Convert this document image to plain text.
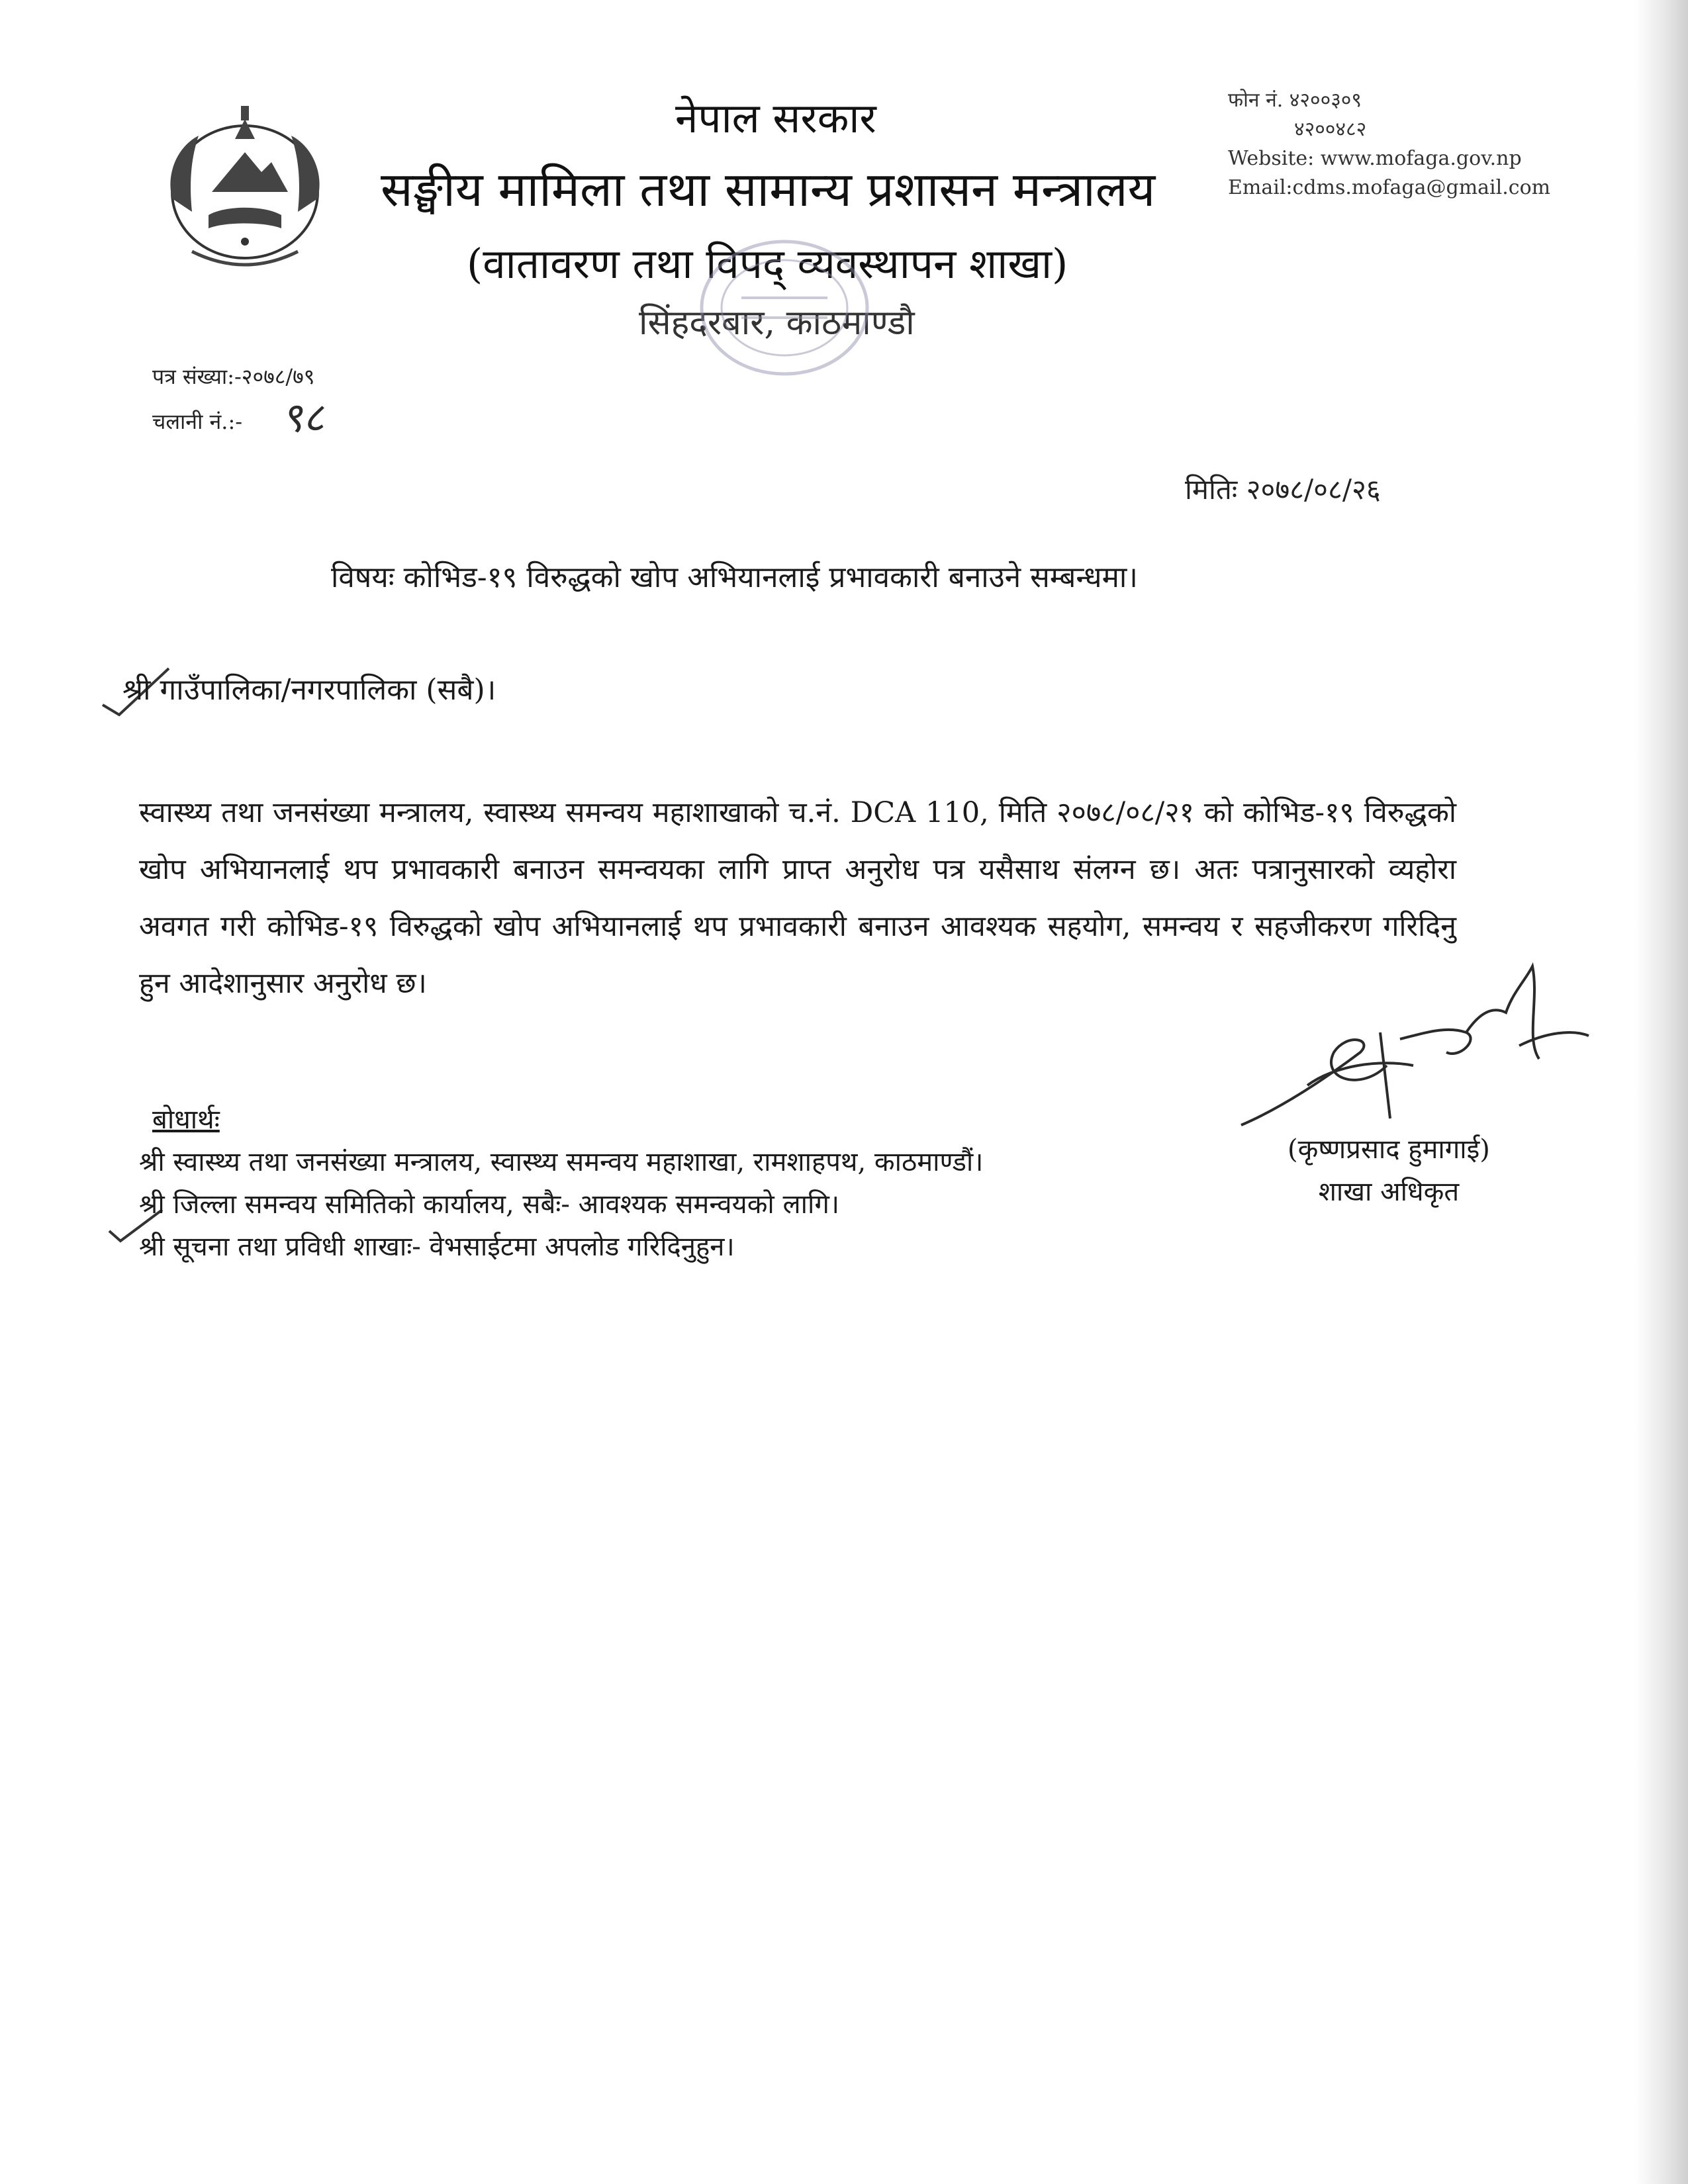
नेपाल सरकार
सङ्घीय मामिला तथा सामान्य प्रशासन मन्त्रालय
(वातावरण तथा विपद् व्यवस्थापन शाखा)
सिंहदरबार, काठमाण्डौ
फोन नं. ४२००३०९
४२००४८२
Website: www.mofaga.gov.np
Email:cdms.mofaga@gmail.com
पत्र संख्या:-२०७८/७९
चलानी नं.:- ९८
मितिः २०७८/०८/२६
विषयः कोभिड-१९ विरुद्धको खोप अभियानलाई प्रभावकारी बनाउने सम्बन्धमा।
श्री गाउँपालिका/नगरपालिका (सबै)।
स्वास्थ्य तथा जनसंख्या मन्त्रालय, स्वास्थ्य समन्वय महाशाखाको च.नं. DCA 110, मिति २०७८/०८/२१ को कोभिड-१९ विरुद्धको खोप अभियानलाई थप प्रभावकारी बनाउन समन्वयका लागि प्राप्त अनुरोध पत्र यसैसाथ संलग्न छ। अतः पत्रानुसारको व्यहोरा अवगत गरी कोभिड-१९ विरुद्धको खोप अभियानलाई थप प्रभावकारी बनाउन आवश्यक सहयोग, समन्वय र सहजीकरण गरिदिनु हुन आदेशानुसार अनुरोध छ।
(कृष्णप्रसाद हुमागाई)
शाखा अधिकृत
बोधार्थः
श्री स्वास्थ्य तथा जनसंख्या मन्त्रालय, स्वास्थ्य समन्वय महाशाखा, रामशाहपथ, काठमाण्डौं।
श्री जिल्ला समन्वय समितिको कार्यालय, सबैः- आवश्यक समन्वयको लागि।
श्री सूचना तथा प्रविधी शाखाः- वेभसाईटमा अपलोड गरिदिनुहुन।
